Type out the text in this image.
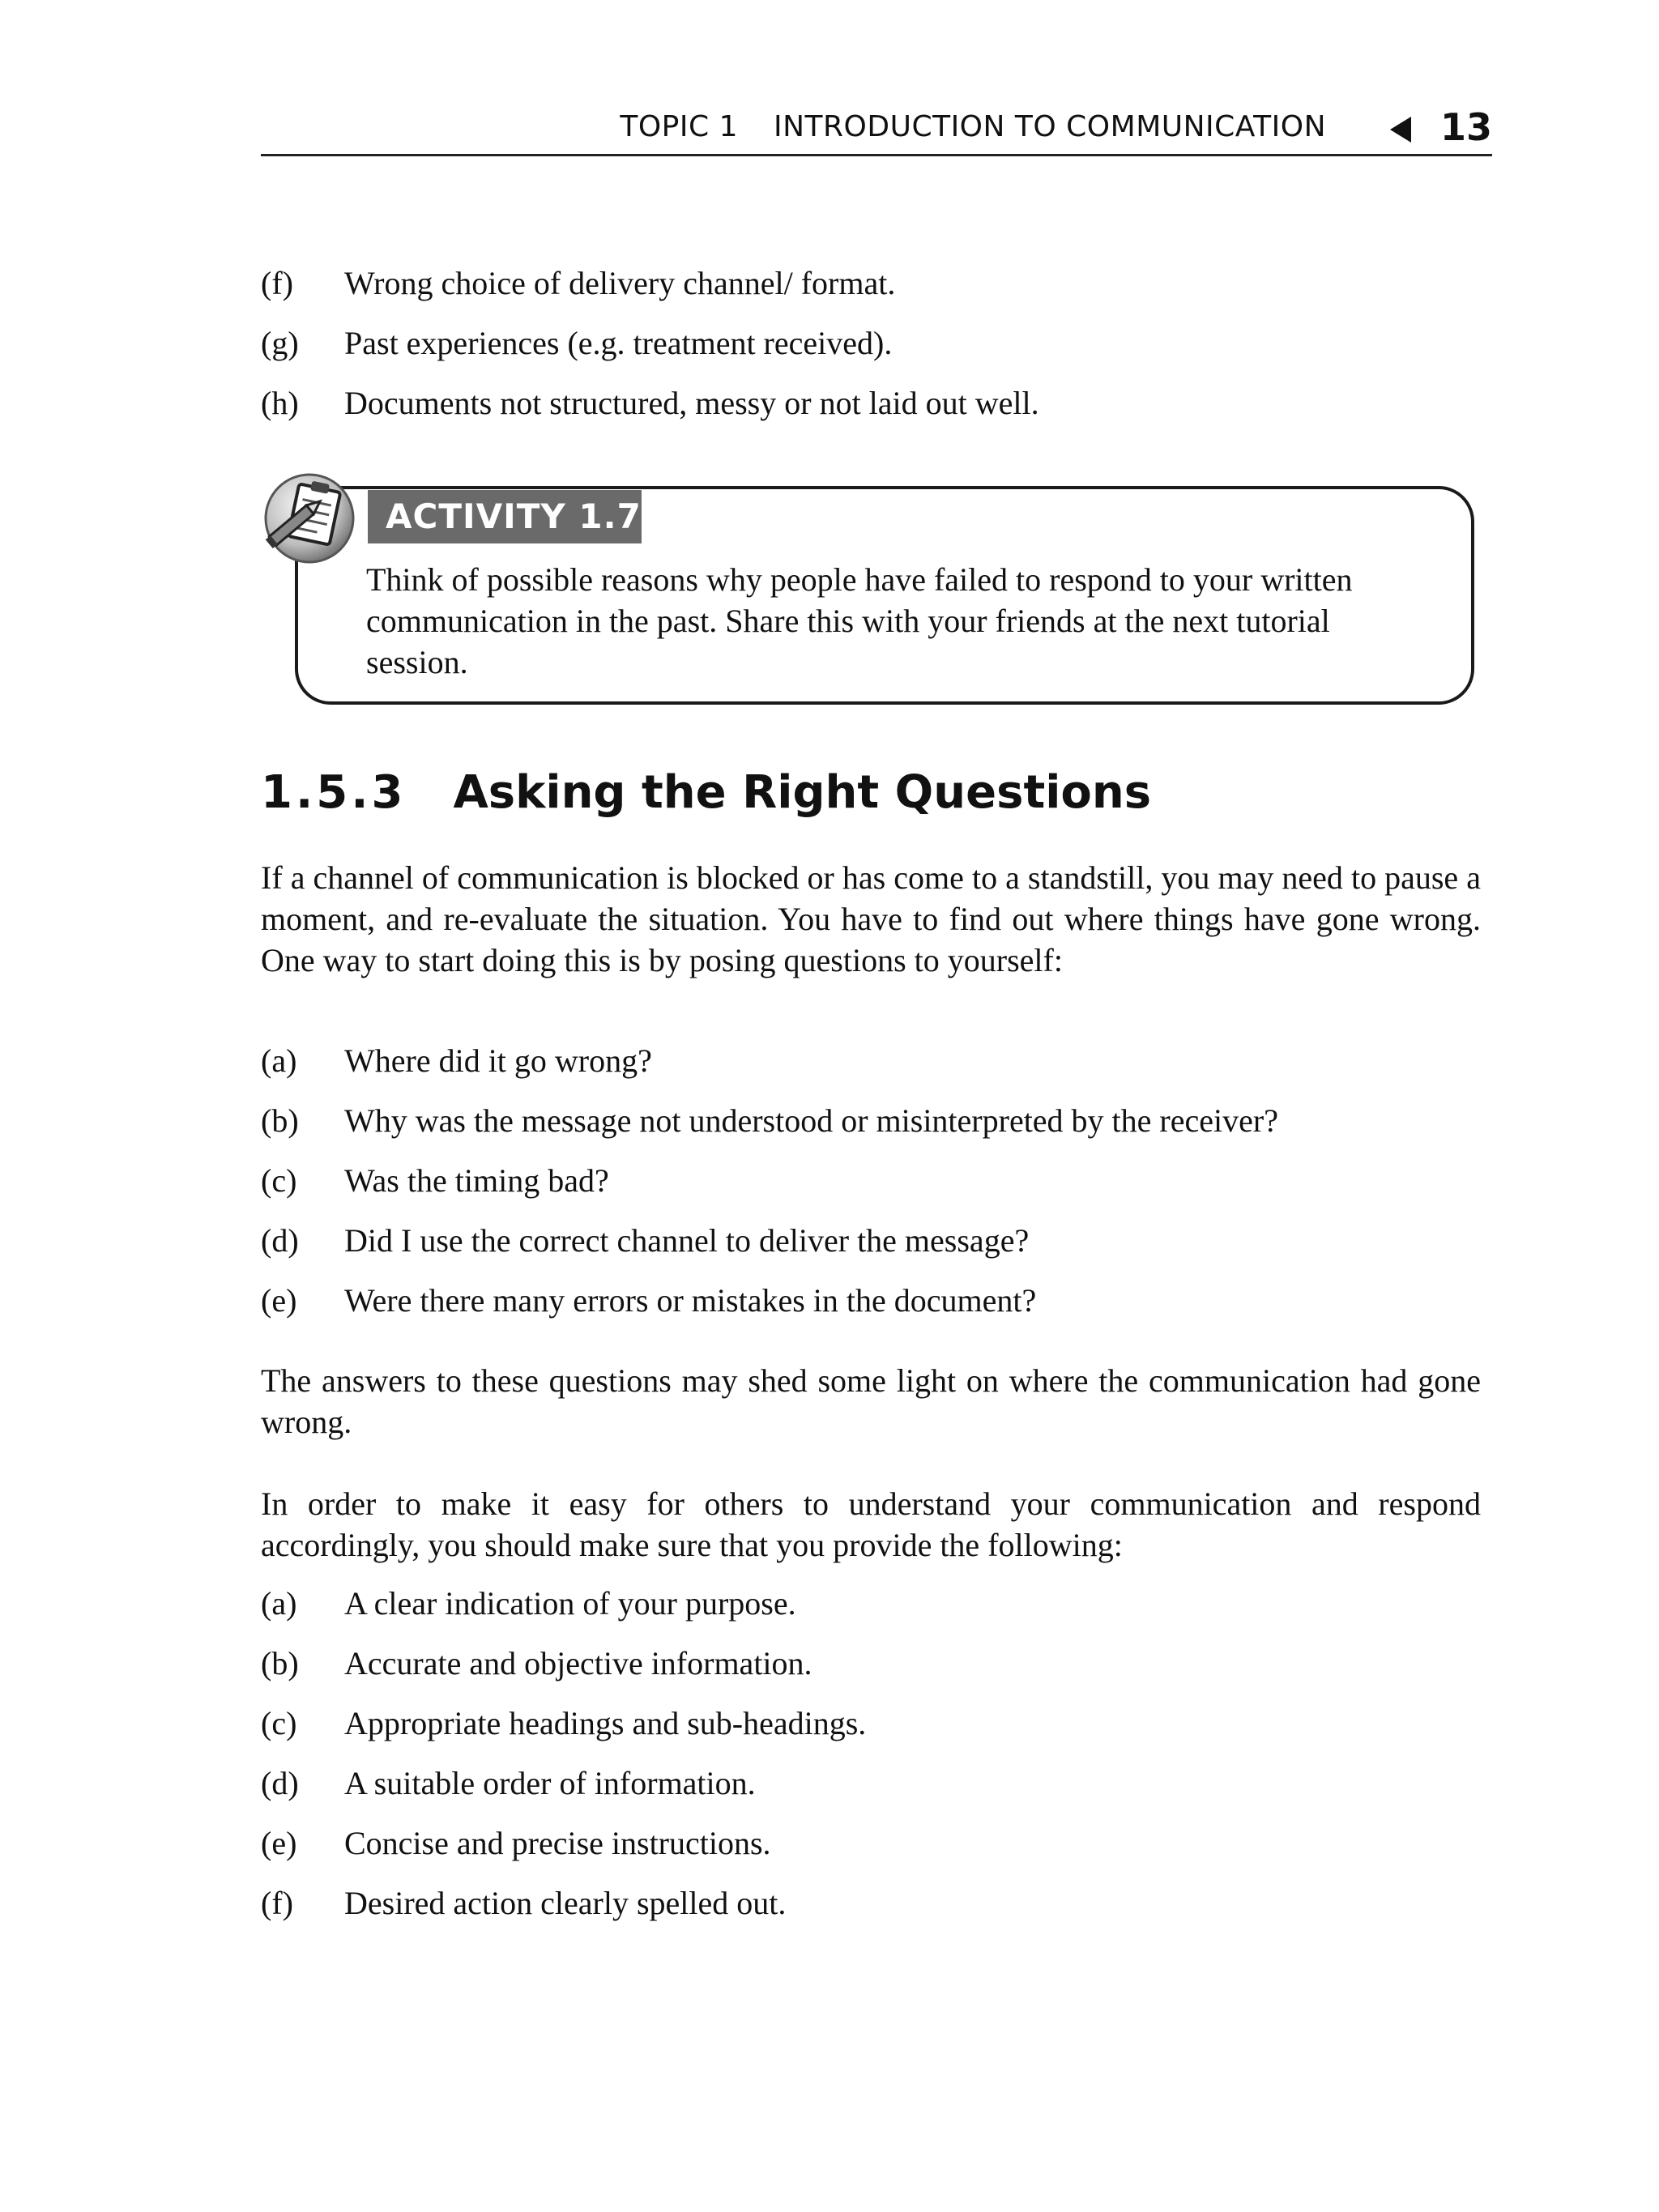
TOPIC 1 INTRODUCTION TO COMMUNICATION	13
(f) Wrong choice of delivery channel/ format.
(g) Past experiences (e.g. treatment received).
(h) Documents not structured, messy or not laid out well.
ACTIVITY 1.7
Think of possible reasons why people have failed to respond to your written communication in the past. Share this with your friends at the next tutorial session.
1.5.3 Asking the Right Questions
If a channel of communication is blocked or has come to a standstill, you may need to pause a moment, and re-evaluate the situation. You have to find out where things have gone wrong. One way to start doing this is by posing questions to yourself:
(a) Where did it go wrong?
(b) Why was the message not understood or misinterpreted by the receiver?
(c) Was the timing bad?
(d) Did I use the correct channel to deliver the message?
(e) Were there many errors or mistakes in the document?
The answers to these questions may shed some light on where the communication had gone wrong.
In order to make it easy for others to understand your communication and respond accordingly, you should make sure that you provide the following:
(a) A clear indication of your purpose.
(b) Accurate and objective information.
(c) Appropriate headings and sub-headings.
(d) A suitable order of information.
(e) Concise and precise instructions.
(f) Desired action clearly spelled out.
